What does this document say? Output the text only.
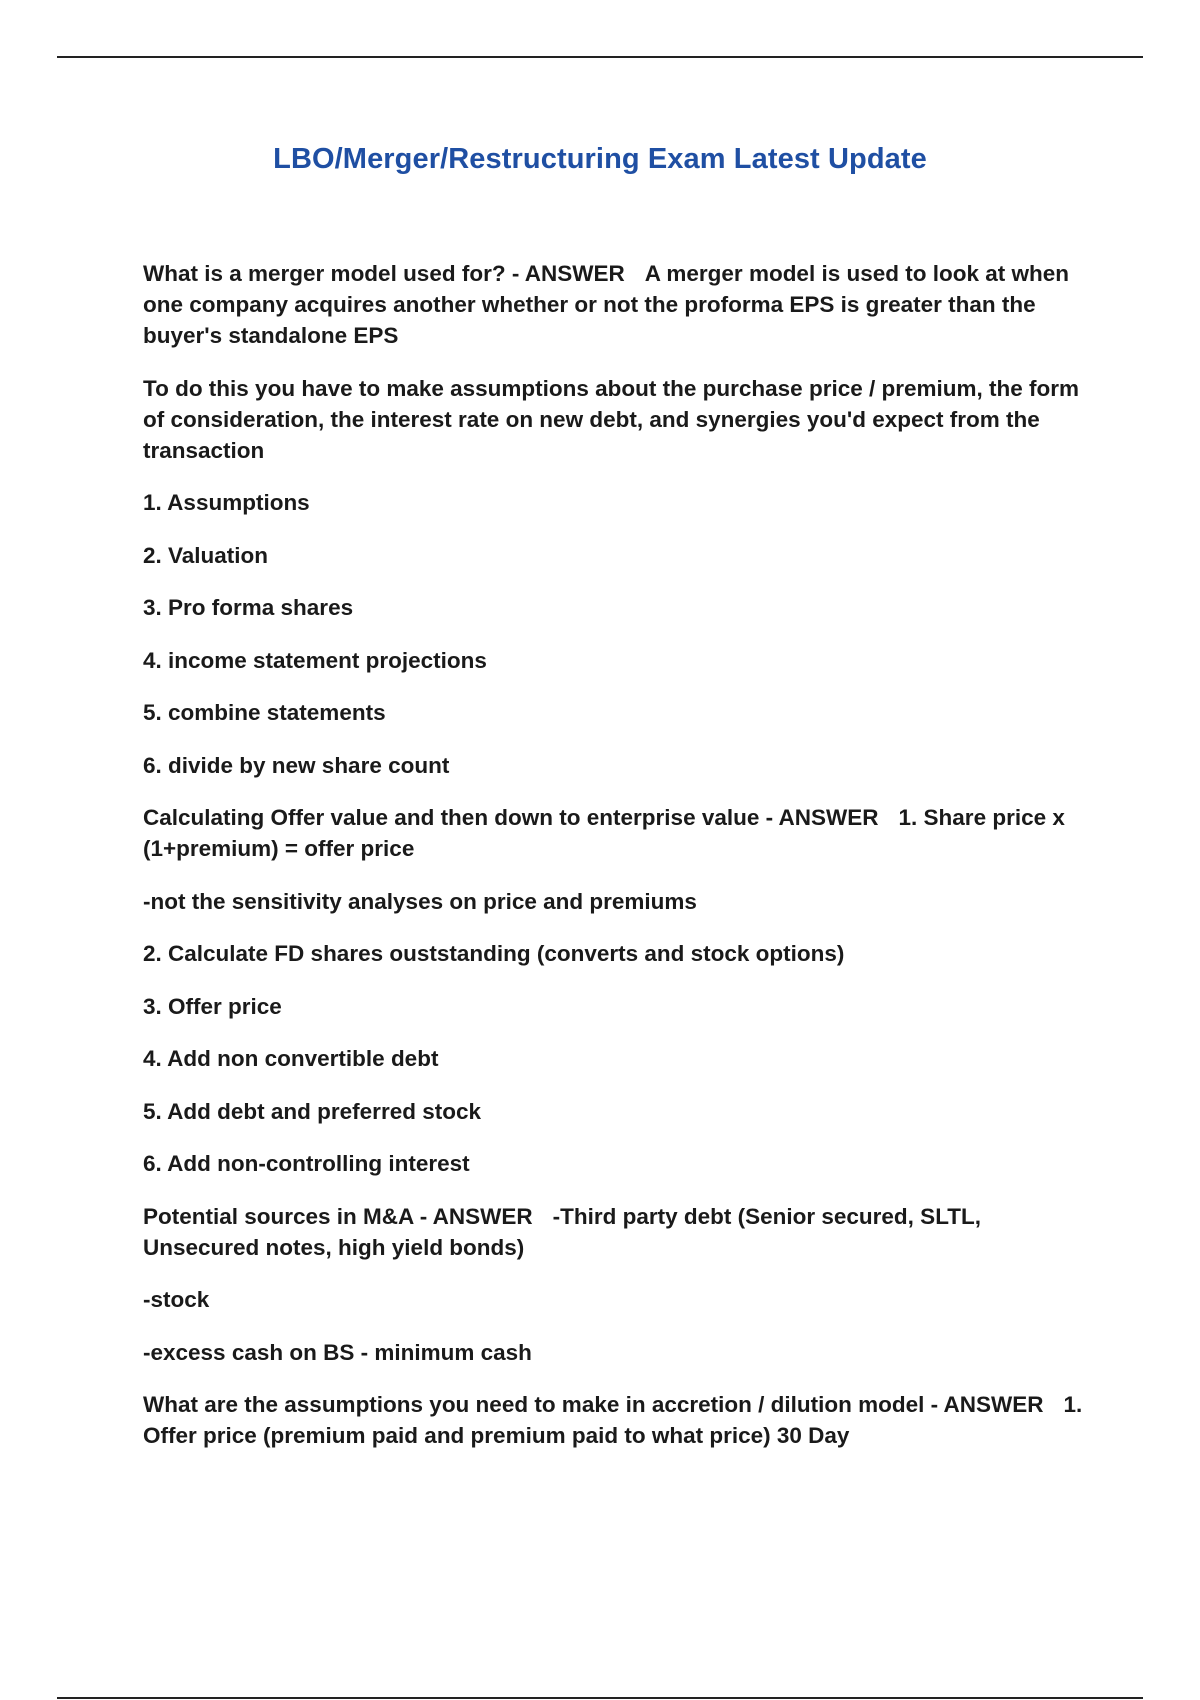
LBO/Merger/Restructuring Exam Latest Update

What is a merger model used for? - ANSWER A merger model is used to look at when one company acquires another whether or not the proforma EPS is greater than the buyer's standalone EPS

To do this you have to make assumptions about the purchase price / premium, the form of consideration, the interest rate on new debt, and synergies you'd expect from the transaction

1. Assumptions

2. Valuation

3. Pro forma shares

4. income statement projections

5. combine statements

6. divide by new share count

Calculating Offer value and then down to enterprise value - ANSWER 1. Share price x (1+premium) = offer price

-not the sensitivity analyses on price and premiums

2. Calculate FD shares ouststanding (converts and stock options)

3. Offer price

4. Add non convertible debt

5. Add debt and preferred stock

6. Add non-controlling interest

Potential sources in M&A - ANSWER -Third party debt (Senior secured, SLTL, Unsecured notes, high yield bonds)

-stock

-excess cash on BS - minimum cash

What are the assumptions you need to make in accretion / dilution model - ANSWER 1. Offer price (premium paid and premium paid to what price) 30 Day
